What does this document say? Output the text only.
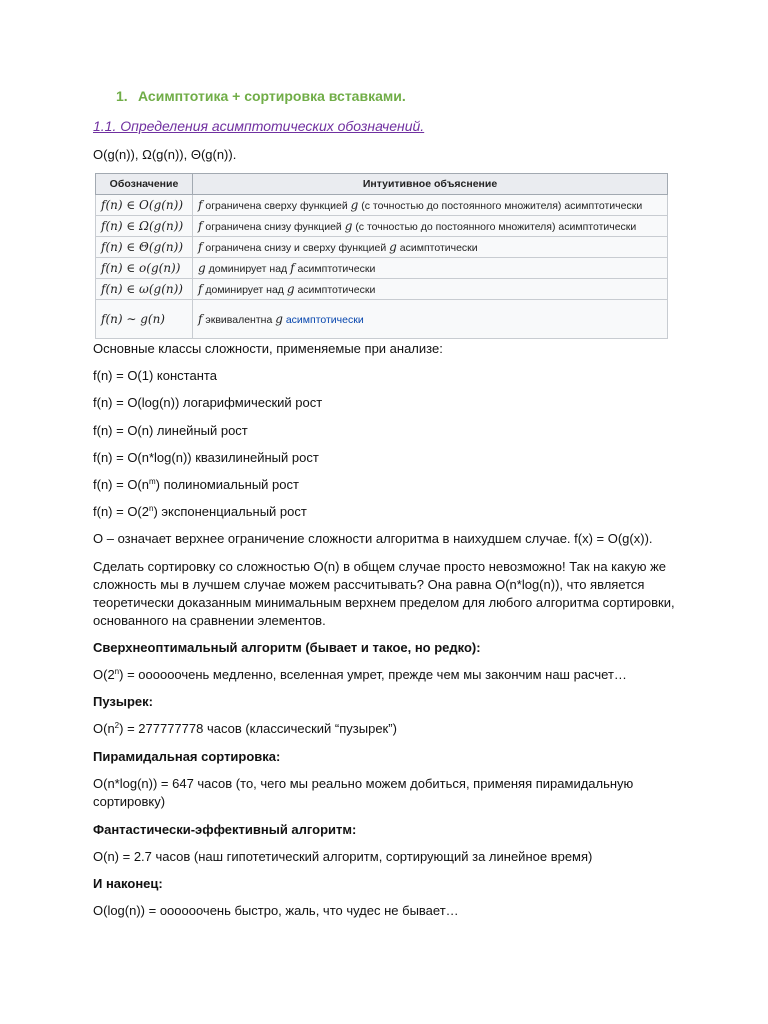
1. Асимптотика + сортировка вставками.
1.1. Определения асимптотических обозначений.
O(g(n)), Ω(g(n)), Θ(g(n)).
Обозначение	Интуитивное объяснение
f(n) ∈ O(g(n))	f ограничена сверху функцией g (с точностью до постоянного множителя) асимптотически
f(n) ∈ Ω(g(n))	f ограничена снизу функцией g (с точностью до постоянного множителя) асимптотически
f(n) ∈ Θ(g(n))	f ограничена снизу и сверху функцией g асимптотически
f(n) ∈ o(g(n))	g доминирует над f асимптотически
f(n) ∈ ω(g(n))	f доминирует над g асимптотически
f(n) ∼ g(n)	f эквивалентна g асимптотически
Основные классы сложности, применяемые при анализе:
f(n) = O(1) константа
f(n) = O(log(n)) логарифмический рост
f(n) = O(n) линейный рост
f(n) = O(n*log(n)) квазилинейный рост
$f(n) = O(n^m)$ полиномиальный рост
$f(n) = O(2^n)$ экспоненциальный рост
O – означает верхнее ограничение сложности алгоритма в наихудшем случае. f(x) = O(g(x)).
Сделать сортировку со сложностью O(n) в общем случае просто невозможно! Так на какую же сложность мы в лучшем случае можем рассчитывать? Она равна O(n*log(n)), что является теоретически доказанным минимальным верхнем пределом для любого алгоритма сортировки, основанного на сравнении элементов.
Сверхнеоптимальный алгоритм (бывает и такое, но редко):
$O(2^n)$ = оооооочень медленно, вселенная умрет, прежде чем мы закончим наш расчет…
Пузырек:
$O(n^2) = 277777778$ часов (классический “пузырек”)
Пирамидальная сортировка:
O(n*log(n)) = 647 часов (то, чего мы реально можем добиться, применяя пирамидальную сортировку)
Фантастически-эффективный алгоритм:
O(n) = 2.7 часов (наш гипотетический алгоритм, сортирующий за линейное время)
И наконец:
O(log(n)) = оооооочень быстро, жаль, что чудес не бывает…
